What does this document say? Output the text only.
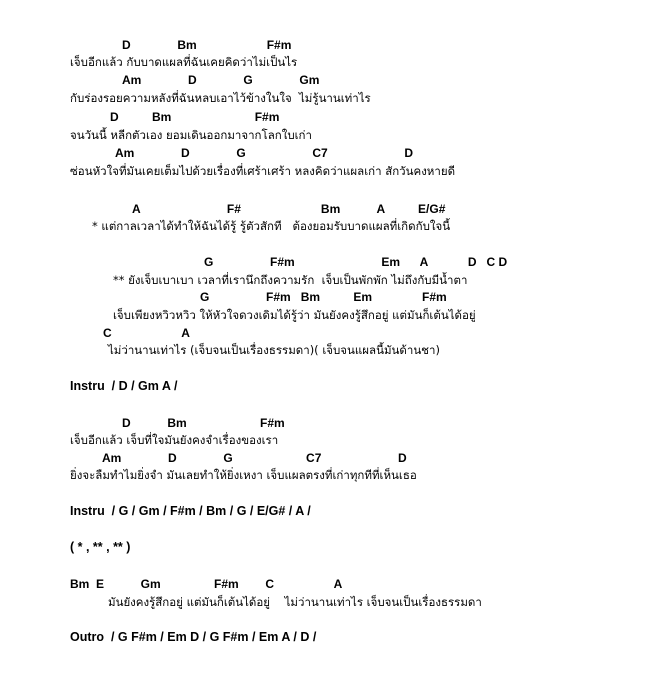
D              Bm                     F#m
เจ็บอีกแล้ว กับบาดแผลที่ฉันเคยคิดว่าไม่เป็นไร
Am              D              G              Gm
กับร่องรอยความหลังที่ฉันหลบเอาไว้ข้างในใจ  ไม่รู้นานเท่าไร
D          Bm                         F#m
จนวันนี้ หลีกตัวเอง ยอมเดินออกมาจากโลกใบเก่า
Am              D              G                    C7                       D
ซ่อนหัวใจที่มันเคยเต็มไปด้วยเรื่องที่เศร้าเศร้า หลงคิดว่าแผลเก่า สักวันคงหายดี
A                          F#                        Bm           A          E/G#
* แต่กาลเวลาได้ทำให้ฉันได้รู้ รู้ตัวสักที   ต้องยอมรับบาดแผลที่เกิดกับใจนี้
G                 F#m                          Em      A            D   C D
** ยังเจ็บเบาเบา เวลาที่เรานึกถึงความรัก  เจ็บเป็นพักพัก ไม่ถึงกับมีน้ำตา
G                 F#m   Bm          Em               F#m
เจ็บเพียงหวิวหวิว ให้หัวใจดวงเดิมได้รู้ว่า มันยังคงรู้สึกอยู่ แต่มันก็เต้นได้อยู่
C                     A
ไม่ว่านานเท่าไร (เจ็บจนเป็นเรื่องธรรมดา)( เจ็บจนแผลนี้มันด้านชา)
Instru  / D / Gm A /
D           Bm                      F#m
เจ็บอีกแล้ว เจ็บที่ใจมันยังคงจำเรื่องของเรา
Am              D              G                      C7                       D
ยิ่งจะลืมทำไมยิ่งจำ มันเลยทำให้ยิ่งเหงา เจ็บแผลตรงที่เก่าทุกทีที่เห็นเธอ
Instru  / G / Gm / F#m / Bm / G / E/G# / A /
( * , ** , ** )
Bm  E           Gm                F#m        C                  A
มันยังคงรู้สึกอยู่ แต่มันก็เต้นได้อยู่    ไม่ว่านานเท่าไร เจ็บจนเป็นเรื่องธรรมดา
Outro  / G F#m / Em D / G F#m / Em A / D /
